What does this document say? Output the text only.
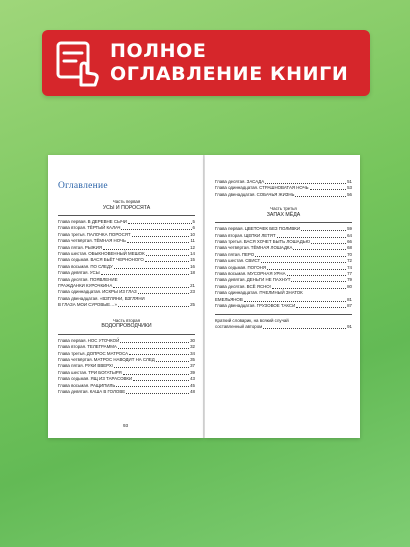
ПОЛНОЕ
ОГЛАВЛЕНИЕ КНИГИ
Оглавление
Часть первая
УСЫ И ПОРОСЯТА
Глава первая. В ДЕРЕВНЕ СЫЧИ	5
Глава вторая. ТЁРТЫЙ КАЛАЧ	6
Глава третья. ПАЛОЧКА ПОРОСЯТ	10
Глава четвёртая. ТЁМНАЯ НОЧЬ	11
Глава пятая. РЫЖИЯ	12
Глава шестая. ОБЫКНОВЕННЫЙ МЕШОК	14
Глава седьмая. ВАСЯ БЬЁТ ЧЕРНОНОГО	15
Глава восьмая. ПО СЛЕДУ	16
Глава девятая. УСЫ	18
Глава десятая. ПОЯВЛЕНИЕ
ГРАЖДАНКИ КУРОЧКИНА	21
Глава одиннадцатая. ИСКРЫ ИЗ ГЛАЗ	23
Глава двенадцатая. «ВЗГЛЯНИ, ВЗГЛЯНИ
В ГЛАЗА МОИ СУРОВЫЕ…»	25
Часть вторая
ВОДОПРОВОДЧИКИ
Глава первая. НОС УТОЧКОЙ	30
Глава вторая. ТЕЛЕГРАММА	32
Глава третья. ДОПРОС МАТРОСА	34
Глава четвёртая. МАТРОС НАВОДИТ НА СЛЕД	35
Глава пятая. РУКИ ВВЕРХ!	37
Глава шестая. ТРИ БОГАТЫРЯ	39
Глава седьмая. ЯЩ ИЗ ТАРАСОВКИ	43
Глава восьмая. РАЩИПИЛЬ	45
Глава девятая. КАША В ГОЛОВЕ	48
93
Глава десятая. ЗАСАДА	51
Глава одиннадцатая. СТРАШНОВАТАЯ НОЧЬ	53
Глава двенадцатая. СОБАЧЬЯ ЖИЗНЬ	56
Часть третья
ЗАПАХ МЁДА
Глава первая. ЦВЕТОЧЕК БЕЗ ПОЛИВКИ	59
Глава вторая. ЩЕПКИ ЛЕТЯТ	64
Глава третья. ВАСЯ ХОЧЕТ БЫТЬ ЛОШАДЬЮ	66
Глава четвёртая. ТЁМНАЯ ЛОШАДКА	68
Глава пятая. ПЕРО	70
Глава шестая. СВИСТ	72
Глава седьмая. ПОГОНЯ	74
Глава восьмая. МУСОРНАЯ УРНА	77
Глава девятая. ДЕНЬГИ НЕ ПАХНУТ	79
Глава десятая. ВСЁ ЯСНО!	80
Глава одиннадцатая. ПЧЕЛИНЫЙ ЗНАТОК
ЕМЕЛЬЯНОВ	81
Глава двенадцатая. ГРУЗОВОЕ ТАКСИ	87
Краткий словарик, на всякий случай
составленный автором	91
